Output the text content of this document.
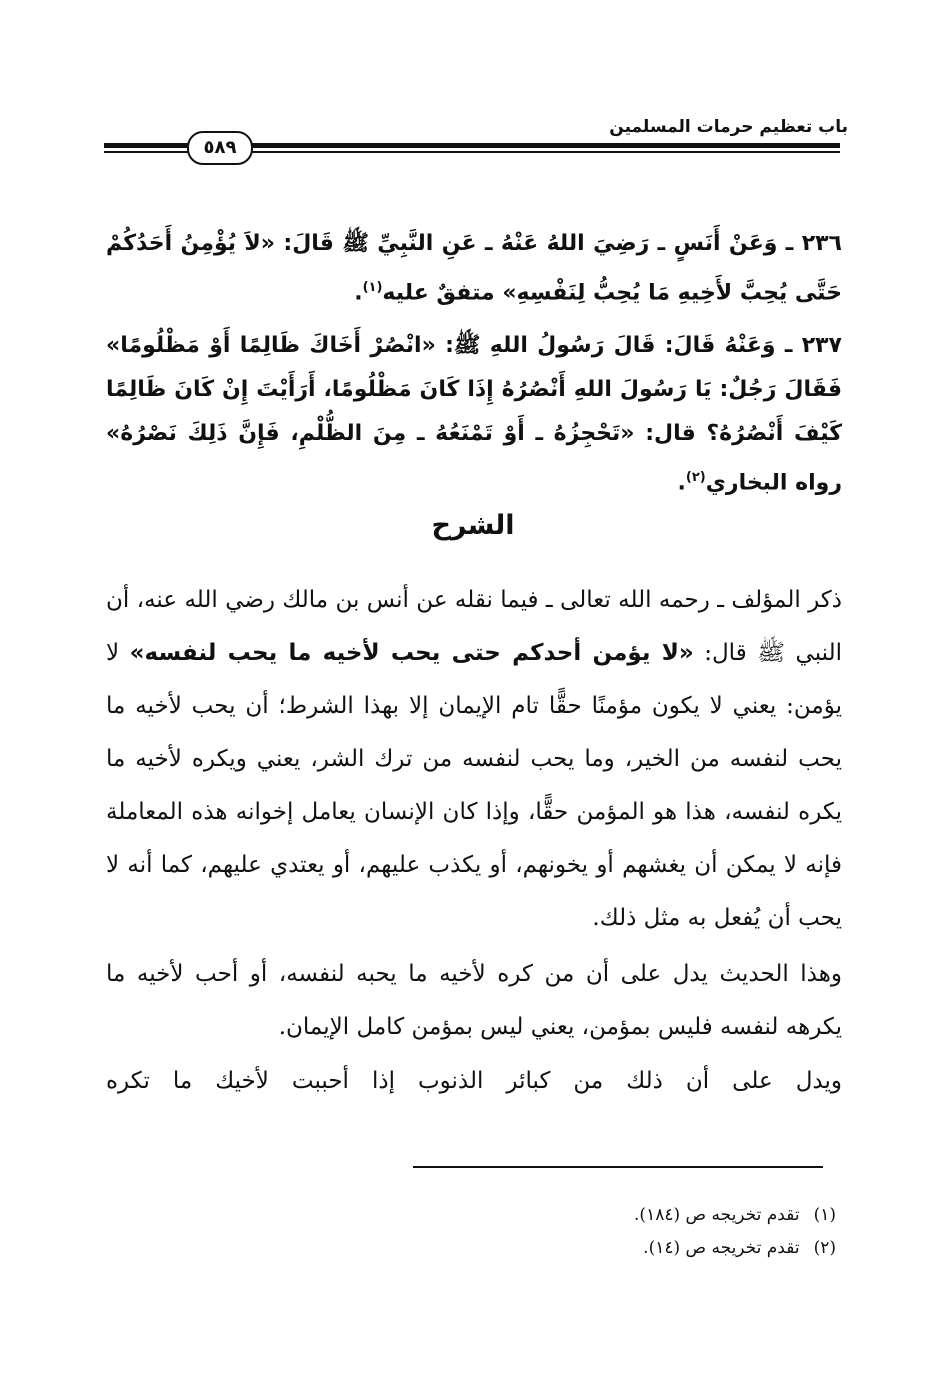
باب تعظيم حرمات المسلمين
٥٨٩
٢٣٦ ـ وَعَنْ أَنَسٍ ـ رَضِيَ اللهُ عَنْهُ ـ عَنِ النَّبِيِّ ﷺ قَالَ: «لاَ يُؤْمِنُ أَحَدُكُمْ حَتَّى يُحِبَّ لأَخِيهِ مَا يُحِبُّ لِنَفْسِهِ» متفقٌ عليه$^{(١)}$.
٢٣٧ ـ وَعَنْهُ قَالَ: قَالَ رَسُولُ اللهِ ﷺ: «انْصُرْ أَخَاكَ ظَالِمًا أَوْ مَظْلُومًا» فَقَالَ رَجُلٌ: يَا رَسُولَ اللهِ أَنْصُرُهُ إِذَا كَانَ مَظْلُومًا، أَرَأَيْتَ إِنْ كَانَ ظَالِمًا كَيْفَ أَنْصُرُهُ؟ قال: «تَحْجِزُهُ ـ أَوْ تَمْنَعُهُ ـ مِنَ الظُّلْمِ، فَإِنَّ ذَلِكَ نَصْرُهُ» رواه البخاري$^{(٢)}$.
الشرح
ذكر المؤلف ـ رحمه الله تعالى ـ فيما نقله عن أنس بن مالك رضي الله عنه، أن النبي ﷺ قال: «لا يؤمن أحدكم حتى يحب لأخيه ما يحب لنفسه» لا يؤمن: يعني لا يكون مؤمنًا حقًّا تام الإيمان إلا بهذا الشرط؛ أن يحب لأخيه ما يحب لنفسه من الخير، وما يحب لنفسه من ترك الشر، يعني ويكره لأخيه ما يكره لنفسه، هذا هو المؤمن حقًّا، وإذا كان الإنسان يعامل إخوانه هذه المعاملة فإنه لا يمكن أن يغشهم أو يخونهم، أو يكذب عليهم، أو يعتدي عليهم، كما أنه لا يحب أن يُفعل به مثل ذلك.
وهذا الحديث يدل على أن من كره لأخيه ما يحبه لنفسه، أو أحب لأخيه ما يكرهه لنفسه فليس بمؤمن، يعني ليس بمؤمن كامل الإيمان.
ويدل على أن ذلك من كبائر الذنوب إذا أحببت لأخيك ما تكره
(١)تقدم تخريجه ص (١٨٤).
(٢)تقدم تخريجه ص (١٤).
